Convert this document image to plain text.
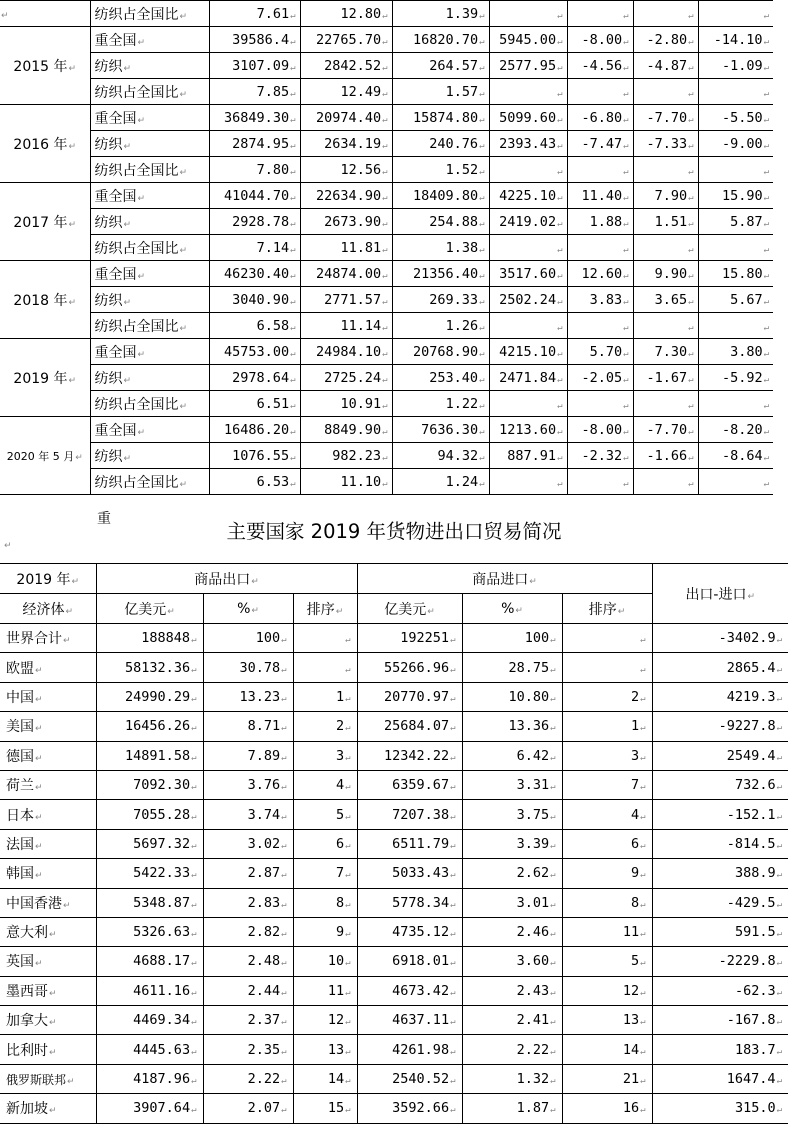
↵	纺织占全国比↵	7.61↵	12.80↵	1.39↵	↵	↵	↵	↵
2015 年↵	重全国↵	39586.4↵	22765.70↵	16820.70↵	5945.00↵	-8.00↵	-2.80↵	-14.10↵
	纺织↵	3107.09↵	2842.52↵	264.57↵	2577.95↵	-4.56↵	-4.87↵	-1.09↵
	纺织占全国比↵	7.85↵	12.49↵	1.57↵	↵	↵	↵	↵
2016 年↵	重全国↵	36849.30↵	20974.40↵	15874.80↵	5099.60↵	-6.80↵	-7.70↵	-5.50↵
	纺织↵	2874.95↵	2634.19↵	240.76↵	2393.43↵	-7.47↵	-7.33↵	-9.00↵
	纺织占全国比↵	7.80↵	12.56↵	1.52↵	↵	↵	↵	↵
2017 年↵	重全国↵	41044.70↵	22634.90↵	18409.80↵	4225.10↵	11.40↵	7.90↵	15.90↵
	纺织↵	2928.78↵	2673.90↵	254.88↵	2419.02↵	1.88↵	1.51↵	5.87↵
	纺织占全国比↵	7.14↵	11.81↵	1.38↵	↵	↵	↵	↵
2018 年↵	重全国↵	46230.40↵	24874.00↵	21356.40↵	3517.60↵	12.60↵	9.90↵	15.80↵
	纺织↵	3040.90↵	2771.57↵	269.33↵	2502.24↵	3.83↵	3.65↵	5.67↵
	纺织占全国比↵	6.58↵	11.14↵	1.26↵	↵	↵	↵	↵
2019 年↵	重全国↵	45753.00↵	24984.10↵	20768.90↵	4215.10↵	5.70↵	7.30↵	3.80↵
	纺织↵	2978.64↵	2725.24↵	253.40↵	2471.84↵	-2.05↵	-1.67↵	-5.92↵
	纺织占全国比↵	6.51↵	10.91↵	1.22↵	↵	↵	↵	↵
2020 年 5 月↵	重全国↵	16486.20↵	8849.90↵	7636.30↵	1213.60↵	-8.00↵	-7.70↵	-8.20↵
	纺织↵	1076.55↵	982.23↵	94.32↵	887.91↵	-2.32↵	-1.66↵	-8.64↵
	纺织占全国比↵	6.53↵	11.10↵	1.24↵	↵	↵	↵	↵
重
主要国家 2019 年货物进出口贸易简况
↵
2019 年↵	商品出口↵			商品进口↵			出口-进口↵
经济体↵	亿美元↵	%↵	排序↵	亿美元↵	%↵	排序↵	
世界合计↵	188848↵	100↵	↵	192251↵	100↵	↵	-3402.9↵
欧盟↵	58132.36↵	30.78↵	↵	55266.96↵	28.75↵	↵	2865.4↵
中国↵	24990.29↵	13.23↵	1↵	20770.97↵	10.80↵	2↵	4219.3↵
美国↵	16456.26↵	8.71↵	2↵	25684.07↵	13.36↵	1↵	-9227.8↵
德国↵	14891.58↵	7.89↵	3↵	12342.22↵	6.42↵	3↵	2549.4↵
荷兰↵	7092.30↵	3.76↵	4↵	6359.67↵	3.31↵	7↵	732.6↵
日本↵	7055.28↵	3.74↵	5↵	7207.38↵	3.75↵	4↵	-152.1↵
法国↵	5697.32↵	3.02↵	6↵	6511.79↵	3.39↵	6↵	-814.5↵
韩国↵	5422.33↵	2.87↵	7↵	5033.43↵	2.62↵	9↵	388.9↵
中国香港↵	5348.87↵	2.83↵	8↵	5778.34↵	3.01↵	8↵	-429.5↵
意大利↵	5326.63↵	2.82↵	9↵	4735.12↵	2.46↵	11↵	591.5↵
英国↵	4688.17↵	2.48↵	10↵	6918.01↵	3.60↵	5↵	-2229.8↵
墨西哥↵	4611.16↵	2.44↵	11↵	4673.42↵	2.43↵	12↵	-62.3↵
加拿大↵	4469.34↵	2.37↵	12↵	4637.11↵	2.41↵	13↵	-167.8↵
比利时↵	4445.63↵	2.35↵	13↵	4261.98↵	2.22↵	14↵	183.7↵
俄罗斯联邦↵	4187.96↵	2.22↵	14↵	2540.52↵	1.32↵	21↵	1647.4↵
新加坡↵	3907.64↵	2.07↵	15↵	3592.66↵	1.87↵	16↵	315.0↵
